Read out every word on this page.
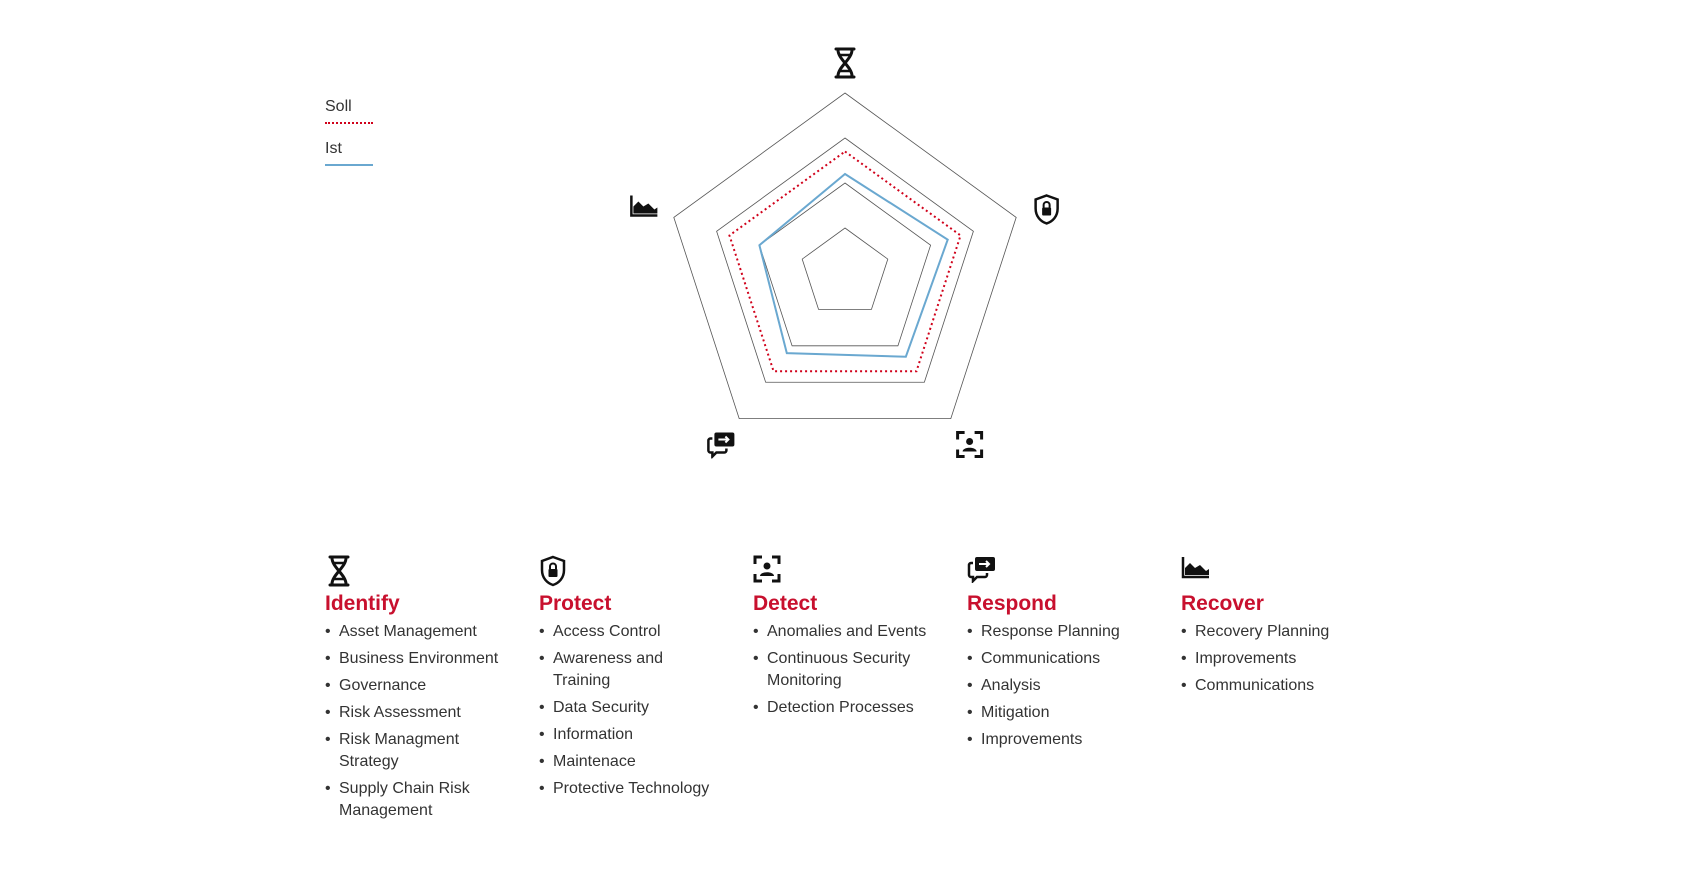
Soll
Ist
Identify
• Asset Management
• Business Environment
• Governance
• Risk Assessment
• Risk Managment Strategy
• Supply Chain Risk Management
Protect
• Access Control
• Awareness and Training
• Data Security
• Information
• Maintenace
• Protective Technology
Detect
• Anomalies and Events
• Continuous Security Monitoring
• Detection Processes
Respond
• Response Planning
• Communications
• Analysis
• Mitigation
• Improvements
Recover
• Recovery Planning
• Improvements
• Communications
